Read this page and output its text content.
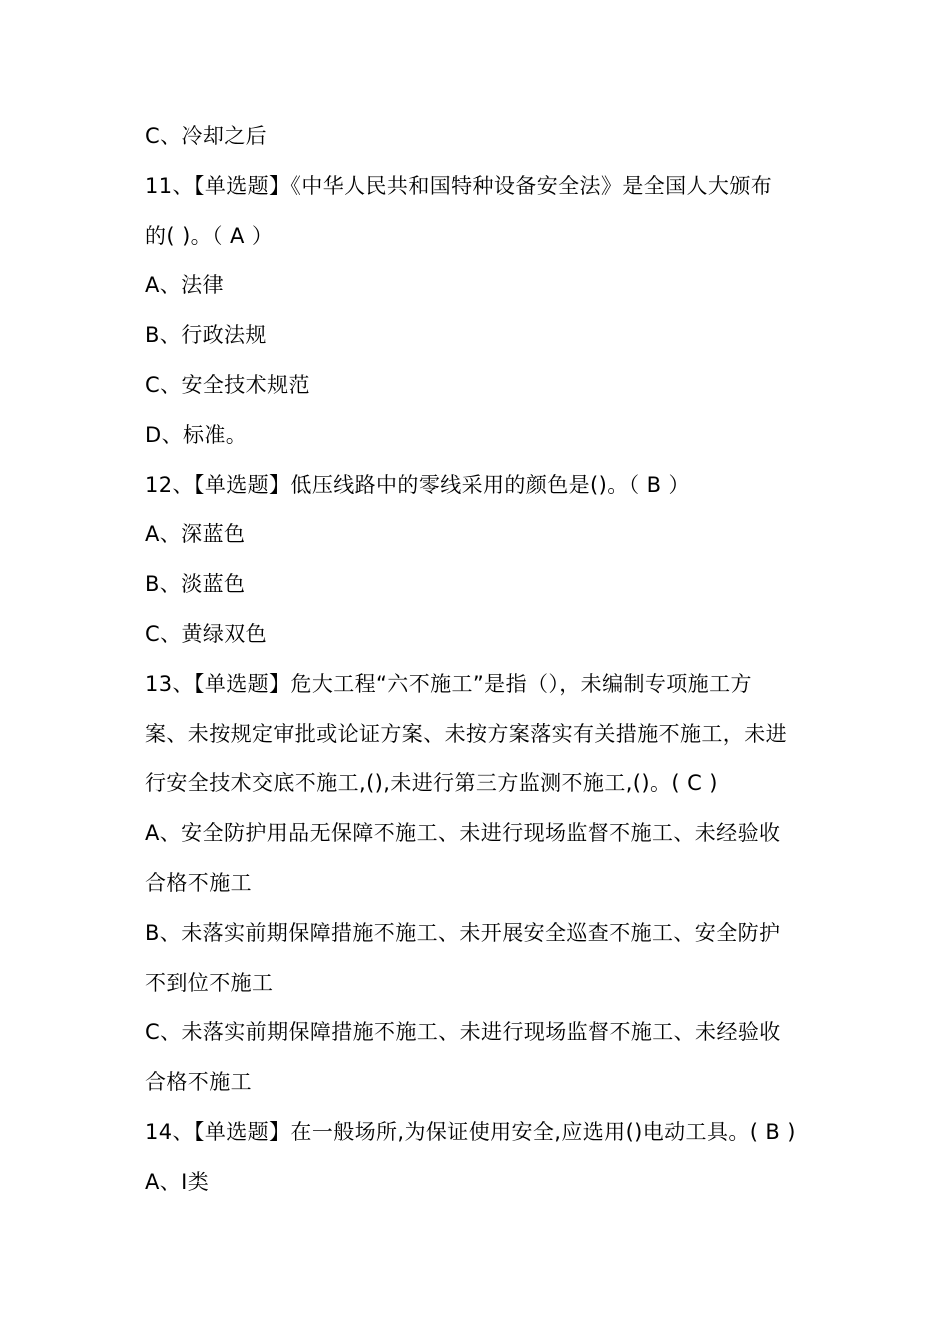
C、冷却之后
11、【单选题】《中华人民共和国特种设备安全法》是全国人大颁布
的( )。（ A ）
A、法律
B、行政法规
C、安全技术规范
D、标准。
12、【单选题】低压线路中的零线采用的颜色是()。（ B ）
A、深蓝色
B、淡蓝色
C、黄绿双色
13、【单选题】危大工程“六不施工”是指（），未编制专项施工方
案、未按规定审批或论证方案、未按方案落实有关措施不施工，未进
行安全技术交底不施工,(),未进行第三方监测不施工,()。( C )
A、安全防护用品无保障不施工、未进行现场监督不施工、未经验收
合格不施工
B、未落实前期保障措施不施工、未开展安全巡查不施工、安全防护
不到位不施工
C、未落实前期保障措施不施工、未进行现场监督不施工、未经验收
合格不施工
14、【单选题】在一般场所,为保证使用安全,应选用()电动工具。( B )
A、Ⅰ类
